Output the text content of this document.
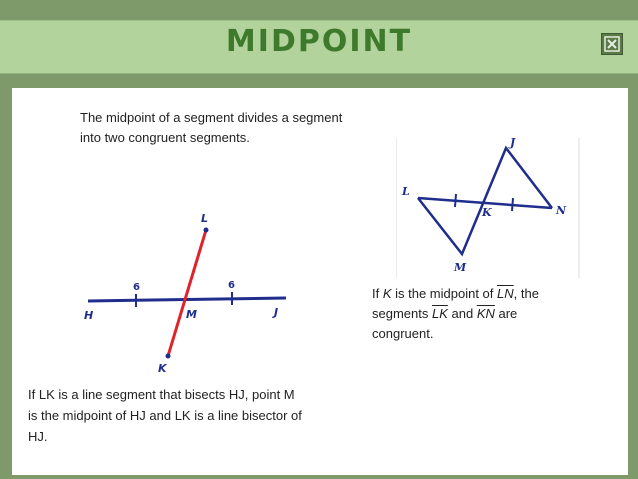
MIDPOINT
The midpoint of a segment divides a segment
into two congruent segments.
6	6
L
K
H	M	J
J
L
K	N
M
If K is the midpoint of $\overline{LN}$, the
segments $\overline{LK}$ and $\overline{KN}$ are
congruent.
If LK is a line segment that bisects HJ, point M
is the midpoint of HJ and LK is a line bisector of
HJ.
